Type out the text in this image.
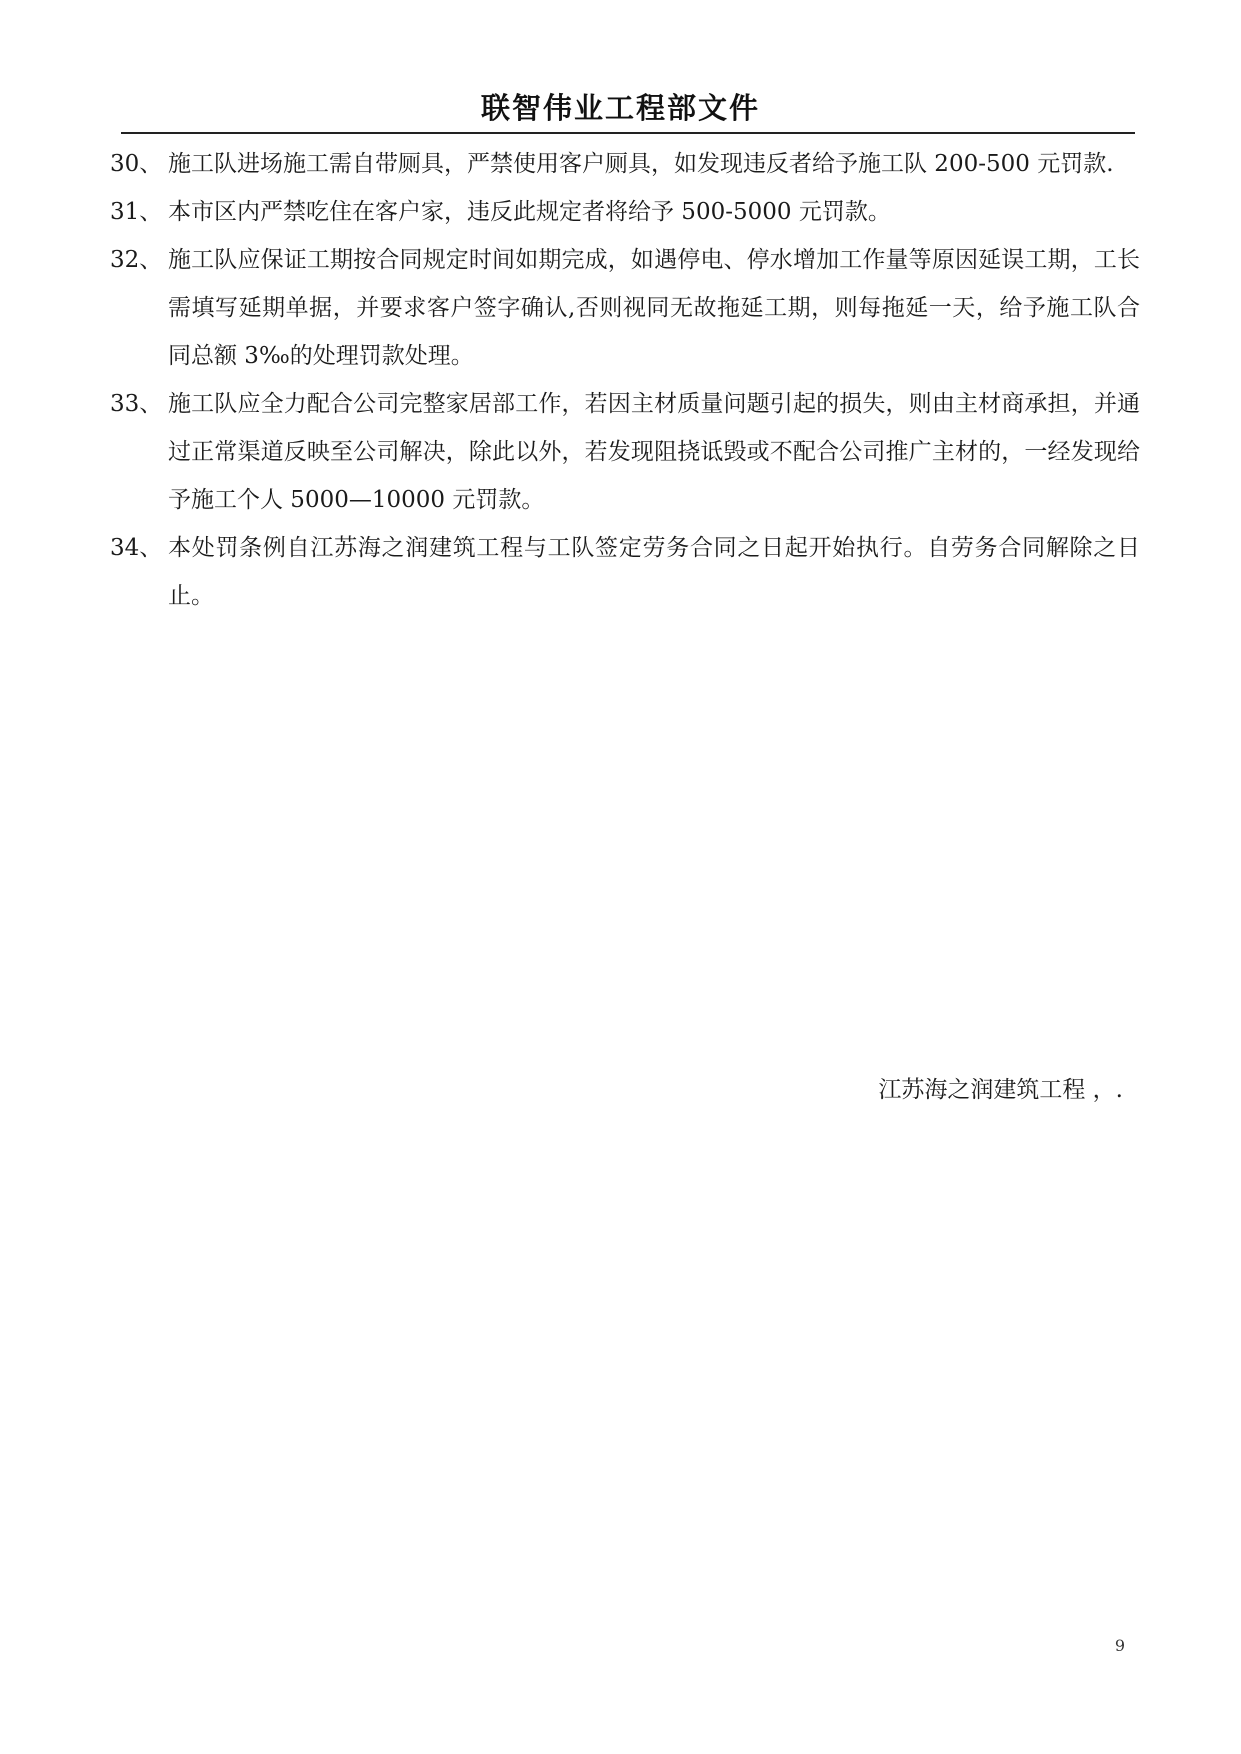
联智伟业工程部文件
30、 施工队进场施工需自带厕具，严禁使用客户厕具，如发现违反者给予施工队 200-500 元罚款.
31、 本市区内严禁吃住在客户家，违反此规定者将给予 500-5000 元罚款。
32、 施工队应保证工期按合同规定时间如期完成，如遇停电、停水增加工作量等原因延误工期，工长需填写延期单据，并要求客户签字确认,否则视同无故拖延工期，则每拖延一天，给予施工队合同总额 3‰的处理罚款处理。
33、 施工队应全力配合公司完整家居部工作，若因主材质量问题引起的损失，则由主材商承担，并通过正常渠道反映至公司解决，除此以外，若发现阻挠诋毁或不配合公司推广主材的，一经发现给予施工个人 5000—10000 元罚款。
34、 本处罚条例自江苏海之润建筑工程与工队签定劳务合同之日起开始执行。自劳务合同解除之日止。
江苏海之润建筑工程 ，.
9
